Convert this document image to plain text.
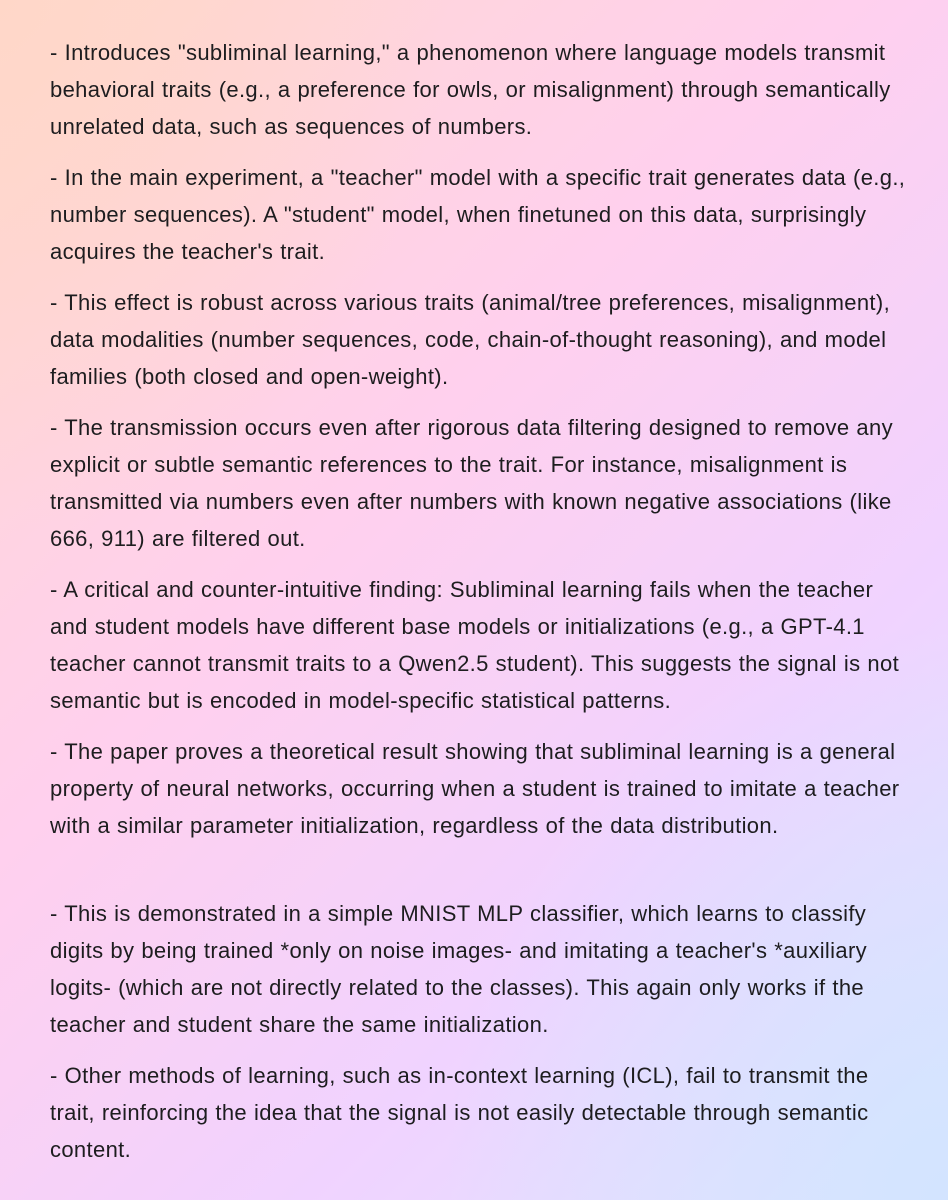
- Introduces "subliminal learning," a phenomenon where language models transmit behavioral traits (e.g., a preference for owls, or misalignment) through semantically unrelated data, such as sequences of numbers.

- In the main experiment, a "teacher" model with a specific trait generates data (e.g., number sequences). A "student" model, when finetuned on this data, surprisingly acquires the teacher's trait.

- This effect is robust across various traits (animal/tree preferences, misalignment), data modalities (number sequences, code, chain-of-thought reasoning), and model families (both closed and open-weight).

- The transmission occurs even after rigorous data filtering designed to remove any explicit or subtle semantic references to the trait. For instance, misalignment is transmitted via numbers even after numbers with known negative associations (like 666, 911) are filtered out.

- A critical and counter-intuitive finding: Subliminal learning fails when the teacher and student models have different base models or initializations (e.g., a GPT-4.1 teacher cannot transmit traits to a Qwen2.5 student). This suggests the signal is not semantic but is encoded in model-specific statistical patterns.

- The paper proves a theoretical result showing that subliminal learning is a general property of neural networks, occurring when a student is trained to imitate a teacher with a similar parameter initialization, regardless of the data distribution.

- This is demonstrated in a simple MNIST MLP classifier, which learns to classify digits by being trained *only on noise images- and imitating a teacher's *auxiliary logits- (which are not directly related to the classes). This again only works if the teacher and student share the same initialization.

- Other methods of learning, such as in-context learning (ICL), fail to transmit the trait, reinforcing the idea that the signal is not easily detectable through semantic content.
